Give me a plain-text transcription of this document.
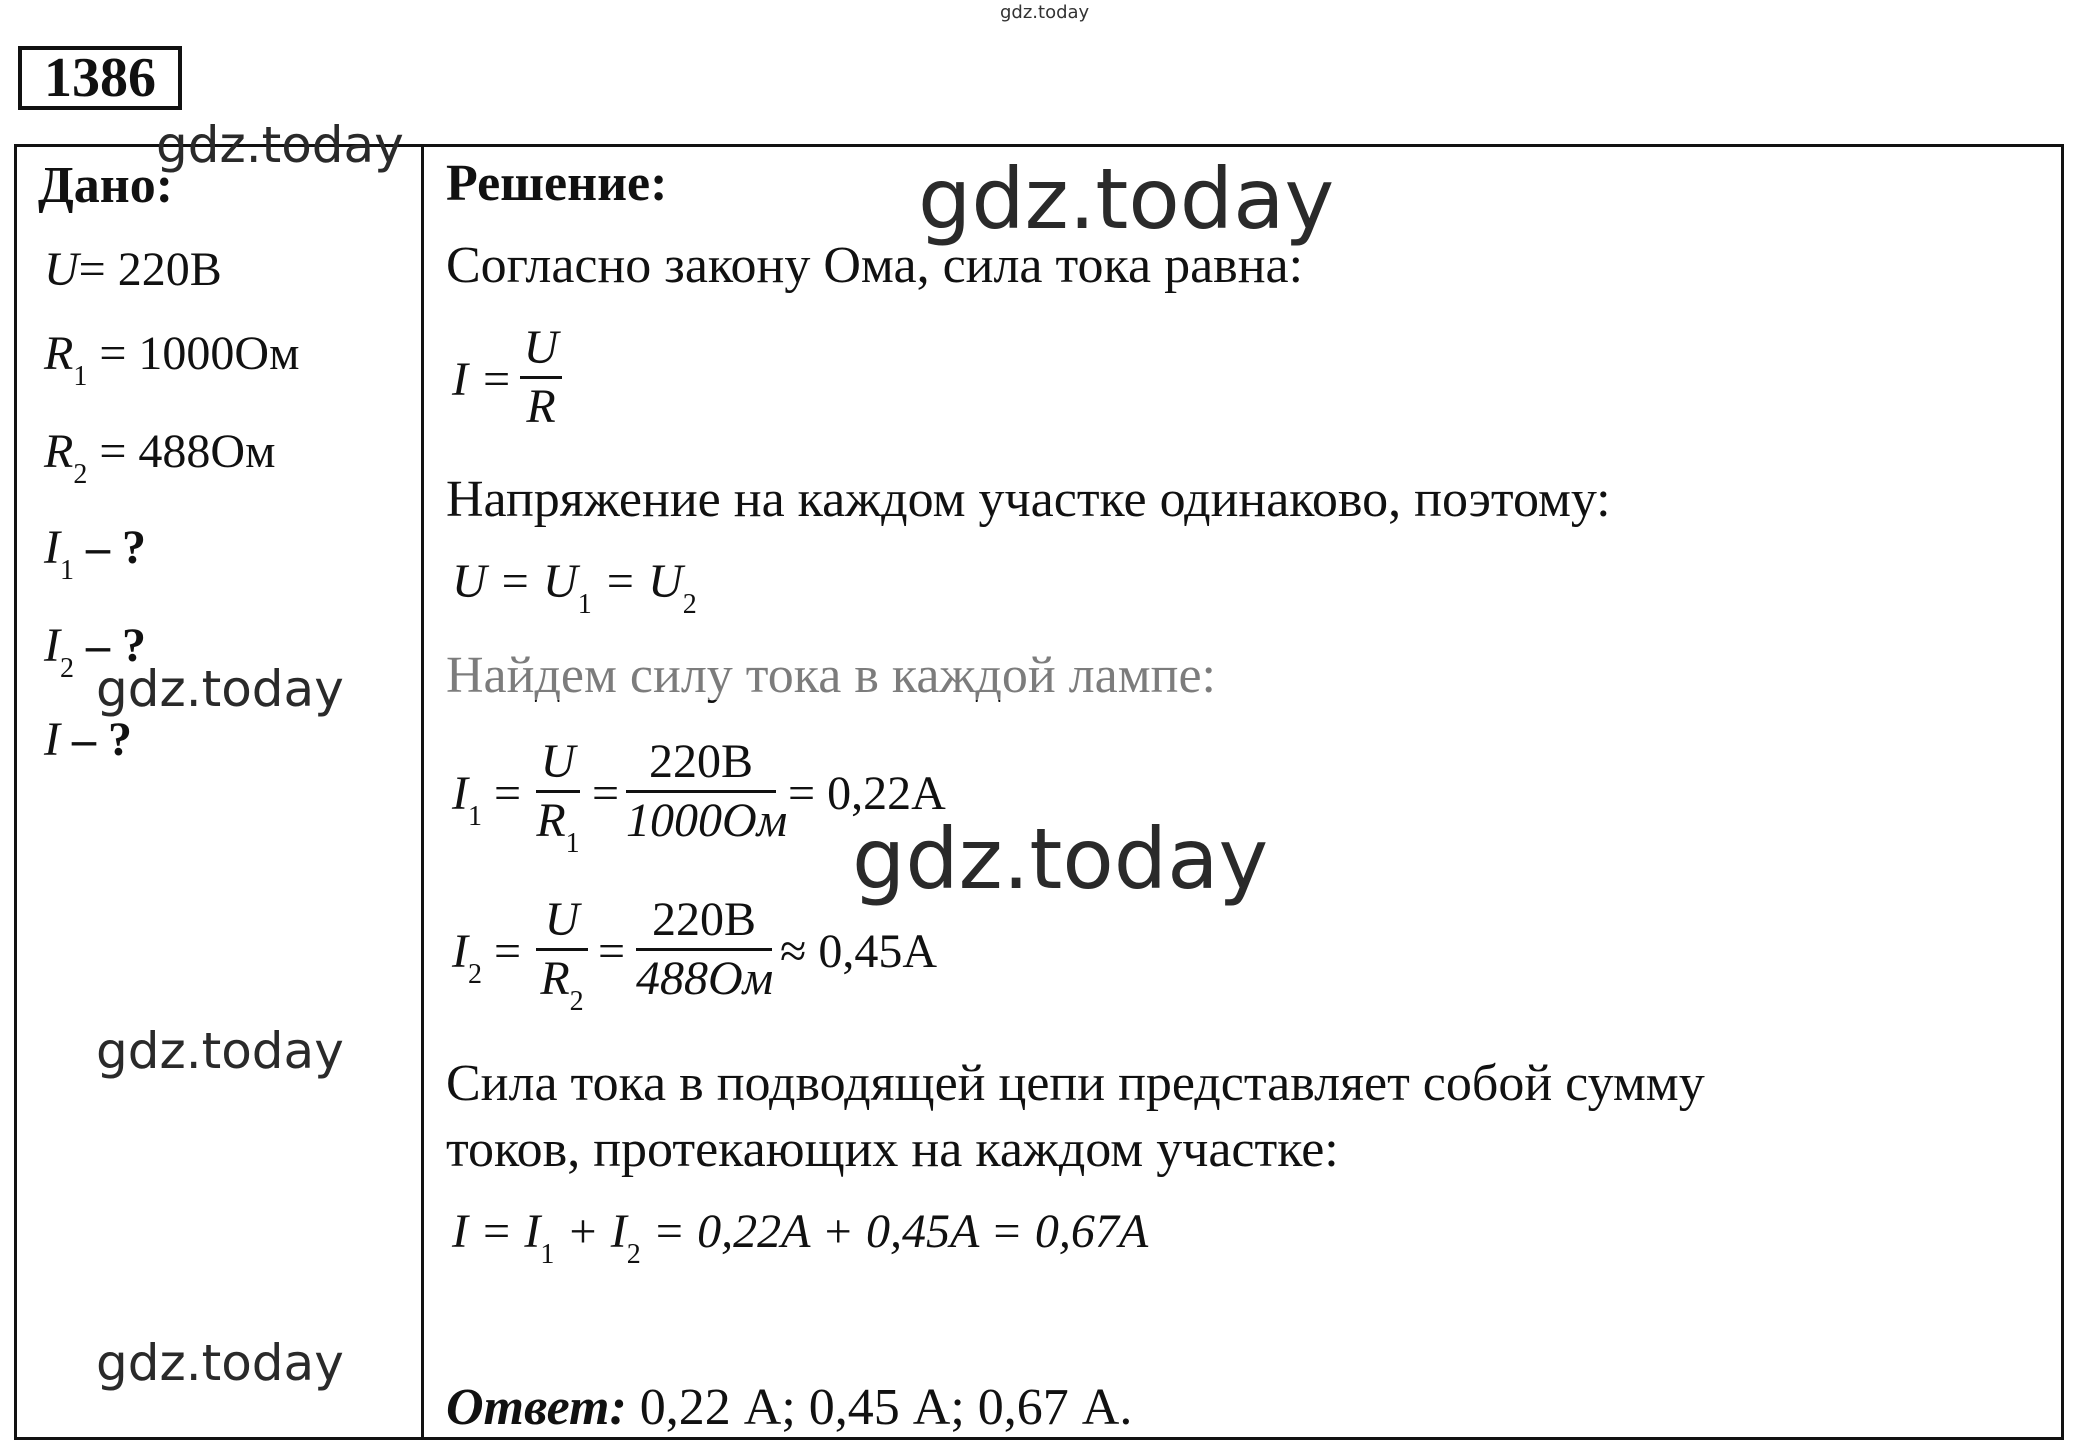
gdz.today
1386
Дано:
U= 220B
$R_1 = 1000Ом$
$R_2 = 488Ом$
$I_1$ – ?
$I_2$ – ?
I – ?
Решение:
Согласно закону Ома, сила тока равна:
I =
U
R
Напряжение на каждом участке одинаково, поэтому:
$U = U_1 = U_2$
Найдем силу тока в каждой лампе:
$I_1$ =
U
$R_1$
=
220B
1000Ом
= 0,22A
$I_2$ =
U
$R_2$
=
220B
488Ом
≈ 0,45A
Сила тока в подводящей цепи представляет собой сумму
токов, протекающих на каждом участке:
$I = I_1 + I_2 = 0,22A + 0,45A = 0,67A$
Ответ: 0,22 А; 0,45 А; 0,67 А.
gdz.today
gdz.today
gdz.today
gdz.today
gdz.today
gdz.today
